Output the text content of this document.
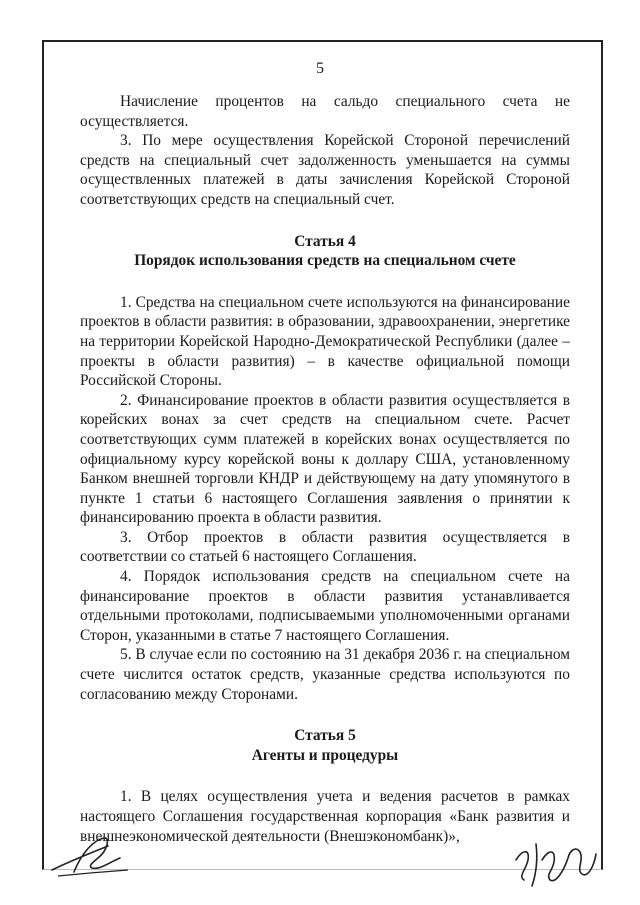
5

Начисление процентов на сальдо специального счета не осуществляется.

3. По мере осуществления Корейской Стороной перечислений средств на специальный счет задолженность уменьшается на суммы осуществленных платежей в даты зачисления Корейской Стороной соответствующих средств на специальный счет.

Статья 4

Порядок использования средств на специальном счете

1. Средства на специальном счете используются на финансирование проектов в области развития: в образовании, здравоохранении, энергетике на территории Корейской Народно-Демократической Республики (далее – проекты в области развития) – в качестве официальной помощи Российской Стороны.

2. Финансирование проектов в области развития осуществляется в корейских вонах за счет средств на специальном счете. Расчет соответствующих сумм платежей в корейских вонах осуществляется по официальному курсу корейской воны к доллару США, установленному Банком внешней торговли КНДР и действующему на дату упомянутого в пункте 1 статьи 6 настоящего Соглашения заявления о принятии к финансированию проекта в области развития.

3. Отбор проектов в области развития осуществляется в соответствии со статьей 6 настоящего Соглашения.

4. Порядок использования средств на специальном счете на финансирование проектов в области развития устанавливается отдельными протоколами, подписываемыми уполномоченными органами Сторон, указанными в статье 7 настоящего Соглашения.

5. В случае если по состоянию на 31 декабря 2036 г. на специальном счете числится остаток средств, указанные средства используются по согласованию между Сторонами.

Статья 5

Агенты и процедуры

1. В целях осуществления учета и ведения расчетов в рамках настоящего Соглашения государственная корпорация «Банк развития и внешнеэкономической деятельности (Внешэкономбанк)»,
